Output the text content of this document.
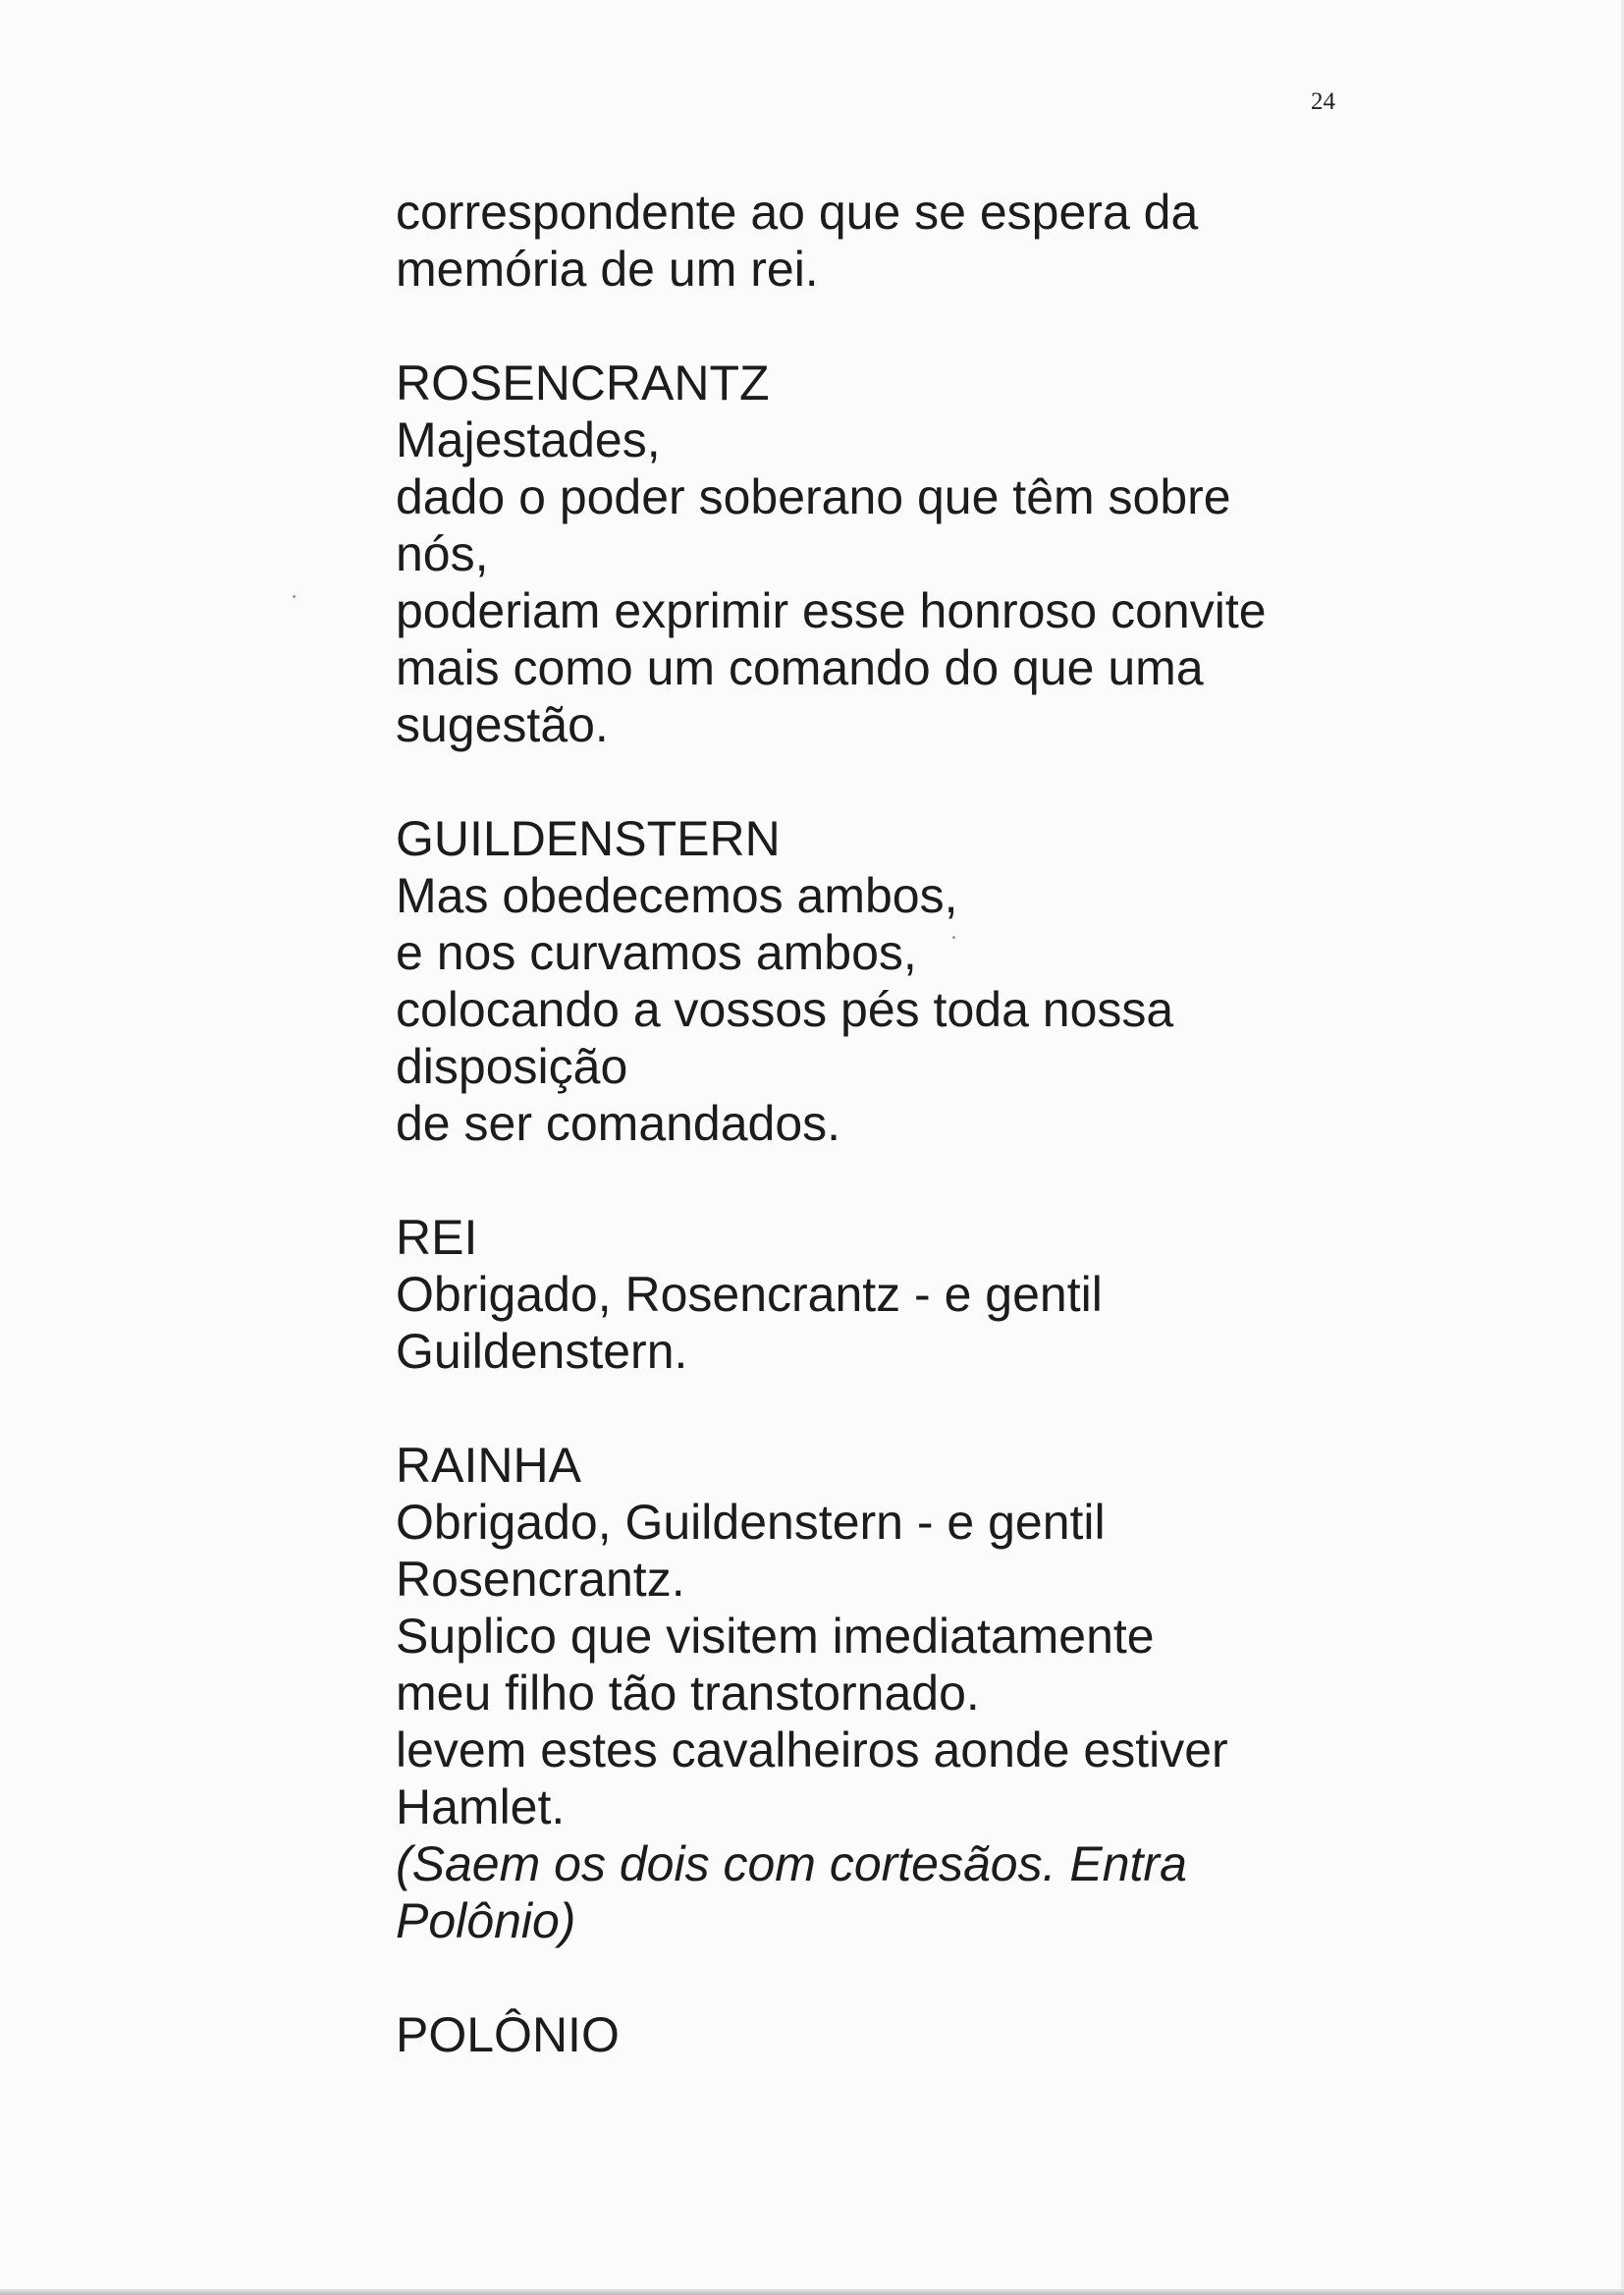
24
correspondente ao que se espera da
memória de um rei.
ROSENCRANTZ
Majestades,
dado o poder soberano que têm sobre
nós,
poderiam exprimir esse honroso convite
mais como um comando do que uma
sugestão.
GUILDENSTERN
Mas obedecemos ambos,
e nos curvamos ambos,
colocando a vossos pés toda nossa
disposição
de ser comandados.
REI
Obrigado, Rosencrantz - e gentil
Guildenstern.
RAINHA
Obrigado, Guildenstern - e gentil
Rosencrantz.
Suplico que visitem imediatamente
meu filho tão transtornado.
levem estes cavalheiros aonde estiver
Hamlet.
(Saem os dois com cortesãos. Entra
Polônio)
POLÔNIO
